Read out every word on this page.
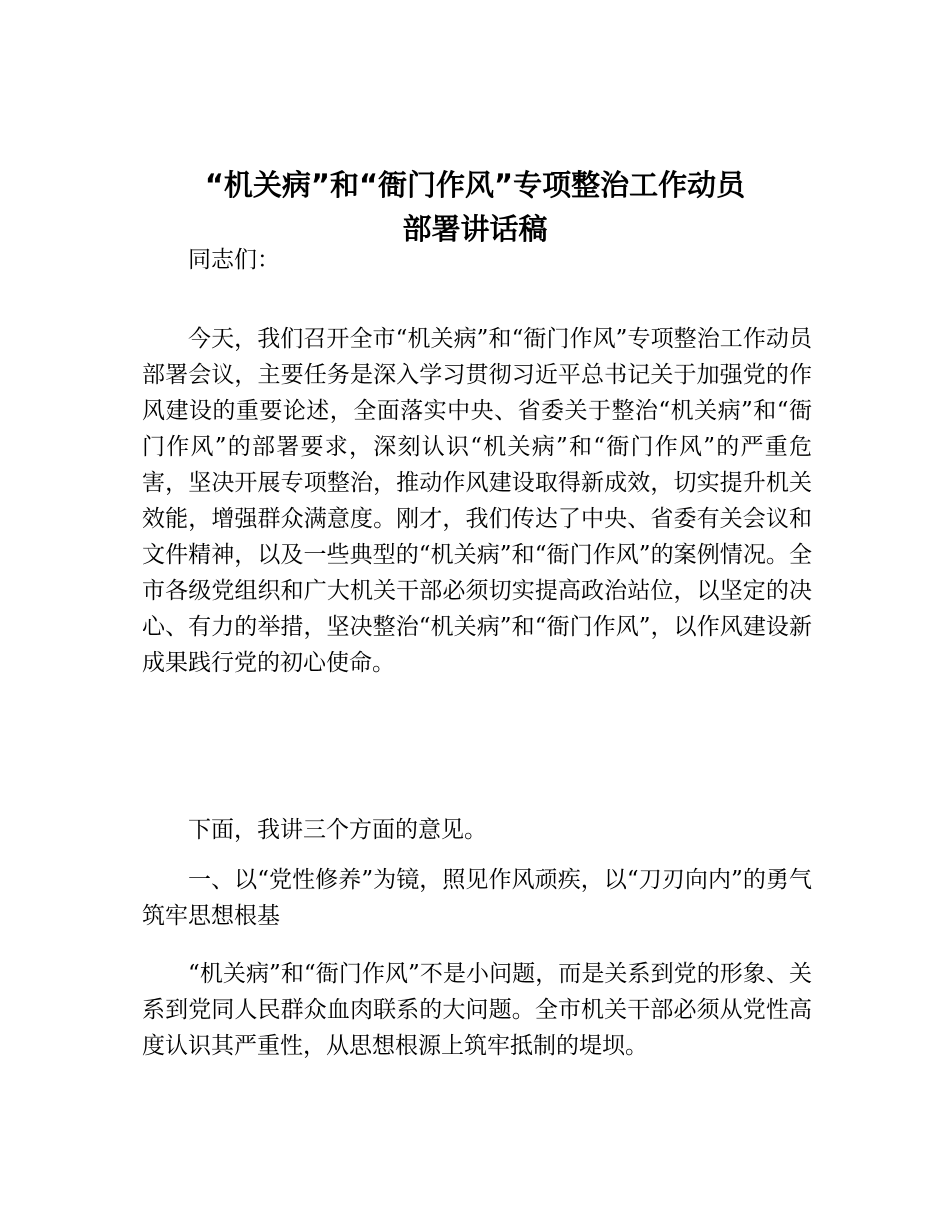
“机关病”和“衙门作风”专项整治工作动员
部署讲话稿

同志们：

今天，我们召开全市“机关病”和“衙门作风”专项整治工作动员部署会议，主要任务是深入学习贯彻习近平总书记关于加强党的作风建设的重要论述，全面落实中央、省委关于整治“机关病”和“衙门作风”的部署要求，深刻认识“机关病”和“衙门作风”的严重危害，坚决开展专项整治，推动作风建设取得新成效，切实提升机关效能，增强群众满意度。刚才，我们传达了中央、省委有关会议和文件精神，以及一些典型的“机关病”和“衙门作风”的案例情况。全市各级党组织和广大机关干部必须切实提高政治站位，以坚定的决心、有力的举措，坚决整治“机关病”和“衙门作风”，以作风建设新成果践行党的初心使命。

下面，我讲三个方面的意见。

一、以“党性修养”为镜，照见作风顽疾，以“刀刃向内”的勇气筑牢思想根基

“机关病”和“衙门作风”不是小问题，而是关系到党的形象、关系到党同人民群众血肉联系的大问题。全市机关干部必须从党性高度认识其严重性，从思想根源上筑牢抵制的堤坝。
